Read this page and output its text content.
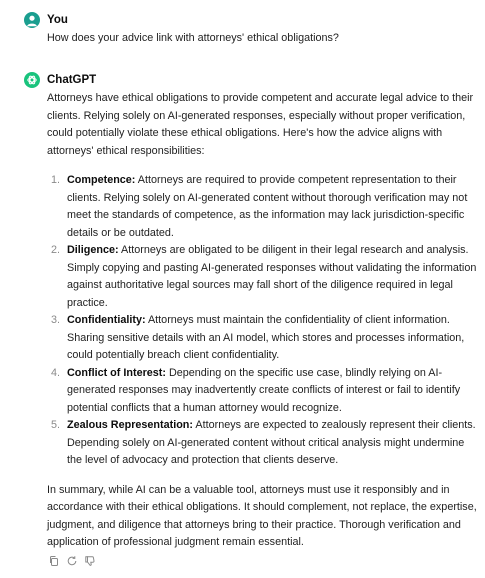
You
How does your advice link with attorneys' ethical obligations?
ChatGPT

Attorneys have ethical obligations to provide competent and accurate legal advice to their clients. Relying solely on AI-generated responses, especially without proper verification, could potentially violate these ethical obligations. Here's how the advice aligns with attorneys' ethical responsibilities:

1. Competence: Attorneys are required to provide competent representation to their clients. Relying solely on AI-generated content without thorough verification may not meet the standards of competence, as the information may lack jurisdiction-specific details or be outdated.
2. Diligence: Attorneys are obligated to be diligent in their legal research and analysis. Simply copying and pasting AI-generated responses without validating the information against authoritative legal sources may fall short of the diligence required in legal practice.
3. Confidentiality: Attorneys must maintain the confidentiality of client information. Sharing sensitive details with an AI model, which stores and processes information, could potentially breach client confidentiality.
4. Conflict of Interest: Depending on the specific use case, blindly relying on AI-generated responses may inadvertently create conflicts of interest or fail to identify potential conflicts that a human attorney would recognize.
5. Zealous Representation: Attorneys are expected to zealously represent their clients. Depending solely on AI-generated content without critical analysis might undermine the level of advocacy and protection that clients deserve.

In summary, while AI can be a valuable tool, attorneys must use it responsibly and in accordance with their ethical obligations. It should complement, not replace, the expertise, judgment, and diligence that attorneys bring to their practice. Thorough verification and application of professional judgment remain essential.
